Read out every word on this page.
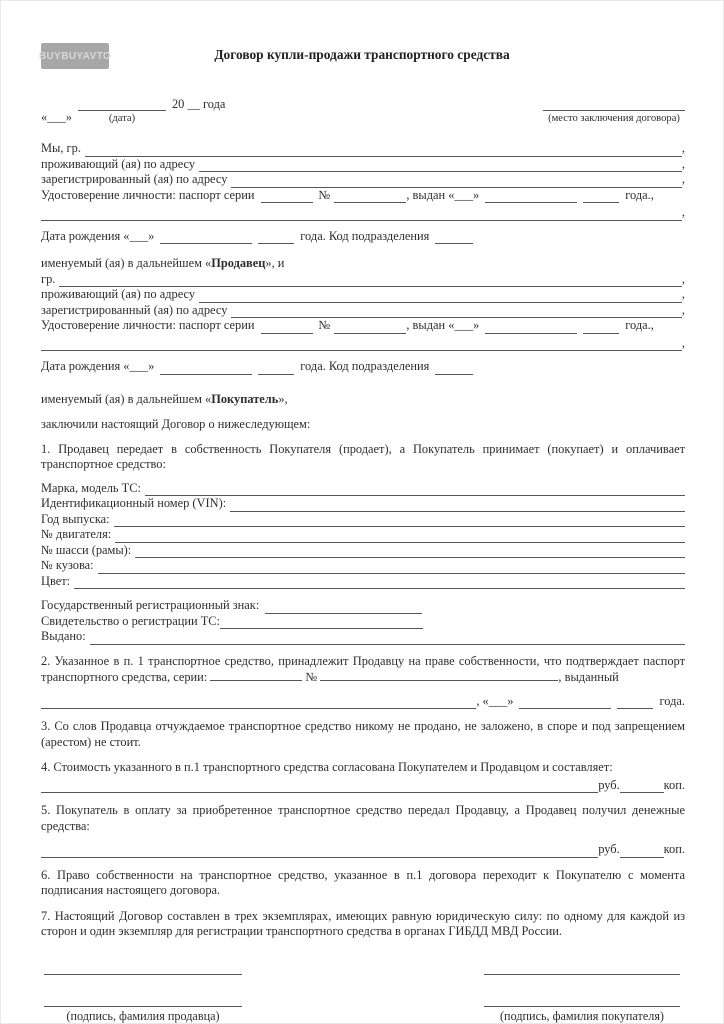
BUYBUYAVTO	Договор купли-продажи транспортного средства
«___»	(дата)
20 __ года
(место заключения договора)
Мы, гр.	,
проживающий (ая) по адресу	,
зарегистрированный (ая) по адресу	,
Удостоверение личности: паспорт серии	№	, выдан «___»	года.,
,
Дата рождения «___»	года. Код подразделения
именуемый (ая) в дальнейшем «Продавец», и
гр.	,
проживающий (ая) по адресу	,
зарегистрированный (ая) по адресу	,
Удостоверение личности: паспорт серии	№	, выдан «___»	года.,
,
Дата рождения «___»	года. Код подразделения
именуемый (ая) в дальнейшем «Покупатель»,
заключили настоящий Договор о нижеследующем:
1. Продавец передает в собственность Покупателя (продает), а Покупатель принимает (покупает) и оплачивает транспортное средство:
Марка, модель ТС:
Идентификационный номер (VIN):
Год выпуска:
№ двигателя:
№ шасси (рамы):
№ кузова:
Цвет:
Государственный регистрационный знак:
Свидетельство о регистрации ТС:
Выдано:
2. Указанное в п. 1 транспортное средство, принадлежит Продавцу на праве собственности, что подтверждает паспорт транспортного средства, серии:	№	, выданный
, «___»	года.
3. Со слов Продавца отчуждаемое транспортное средство никому не продано, не заложено, в споре и под запрещением (арестом) не стоит.
4. Стоимость указанного в п.1 транспортного средства согласована Покупателем и Продавцом и составляет:
руб.	коп.
5. Покупатель в оплату за приобретенное транспортное средство передал Продавцу, а Продавец получил денежные средства:
руб.	коп.
6. Право собственности на транспортное средство, указанное в п.1 договора переходит к Покупателю с момента подписания настоящего договора.
7. Настоящий Договор составлен в трех экземплярах, имеющих равную юридическую силу: по одному для каждой из сторон и один экземпляр для регистрации транспортного средства в органах ГИБДД МВД России.
(подпись, фамилия продавца)	(подпись, фамилия покупателя)
